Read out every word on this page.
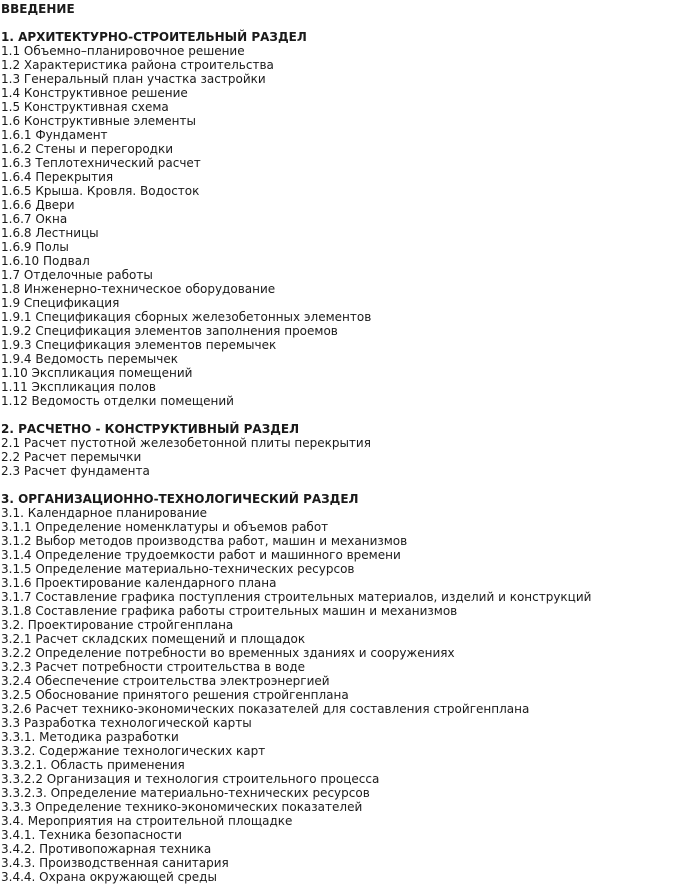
ВВЕДЕНИЕ
1. АРХИТЕКТУРНО-СТРОИТЕЛЬНЫЙ РАЗДЕЛ
1.1 Объемно–планировочное решение
1.2 Характеристика района строительства
1.3 Генеральный план участка застройки
1.4 Конструктивное решение
1.5 Конструктивная схема
1.6 Конструктивные элементы
1.6.1 Фундамент
1.6.2 Стены и перегородки
1.6.3 Теплотехнический расчет
1.6.4 Перекрытия
1.6.5 Крыша. Кровля. Водосток
1.6.6 Двери
1.6.7 Окна
1.6.8 Лестницы
1.6.9 Полы
1.6.10 Подвал
1.7 Отделочные работы
1.8 Инженерно-техническое оборудование
1.9 Спецификация
1.9.1 Спецификация сборных железобетонных элементов
1.9.2 Спецификация элементов заполнения проемов
1.9.3 Спецификация элементов перемычек
1.9.4 Ведомость перемычек
1.10 Экспликация помещений
1.11 Экспликация полов
1.12 Ведомость отделки помещений
2. РАСЧЕТНО - КОНСТРУКТИВНЫЙ РАЗДЕЛ
2.1 Расчет пустотной железобетонной плиты перекрытия
2.2 Расчет перемычки
2.3 Расчет фундамента
3. ОРГАНИЗАЦИОННО-ТЕХНОЛОГИЧЕСКИЙ РАЗДЕЛ
3.1. Календарное планирование
3.1.1 Определение номенклатуры и объемов работ
3.1.2 Выбор методов производства работ, машин и механизмов
3.1.4 Определение трудоемкости работ и машинного времени
3.1.5 Определение материально-технических ресурсов
3.1.6 Проектирование календарного плана
3.1.7 Составление графика поступления строительных материалов, изделий и конструкций
3.1.8 Составление графика работы строительных машин и механизмов
3.2. Проектирование стройгенплана
3.2.1 Расчет складских помещений и площадок
3.2.2 Определение потребности во временных зданиях и сооружениях
3.2.3 Расчет потребности строительства в воде
3.2.4 Обеспечение строительства электроэнергией
3.2.5 Обоснование принятого решения стройгенплана
3.2.6 Расчет технико-экономических показателей для составления стройгенплана
3.3 Разработка технологической карты
3.3.1. Методика разработки
3.3.2. Содержание технологических карт
3.3.2.1. Область применения
3.3.2.2 Организация и технология строительного процесса
3.3.2.3. Определение материально-технических ресурсов
3.3.3 Определение технико-экономических показателей
3.4. Мероприятия на строительной площадке
3.4.1. Техника безопасности
3.4.2. Противопожарная техника
3.4.3. Производственная санитария
3.4.4. Охрана окружающей среды
